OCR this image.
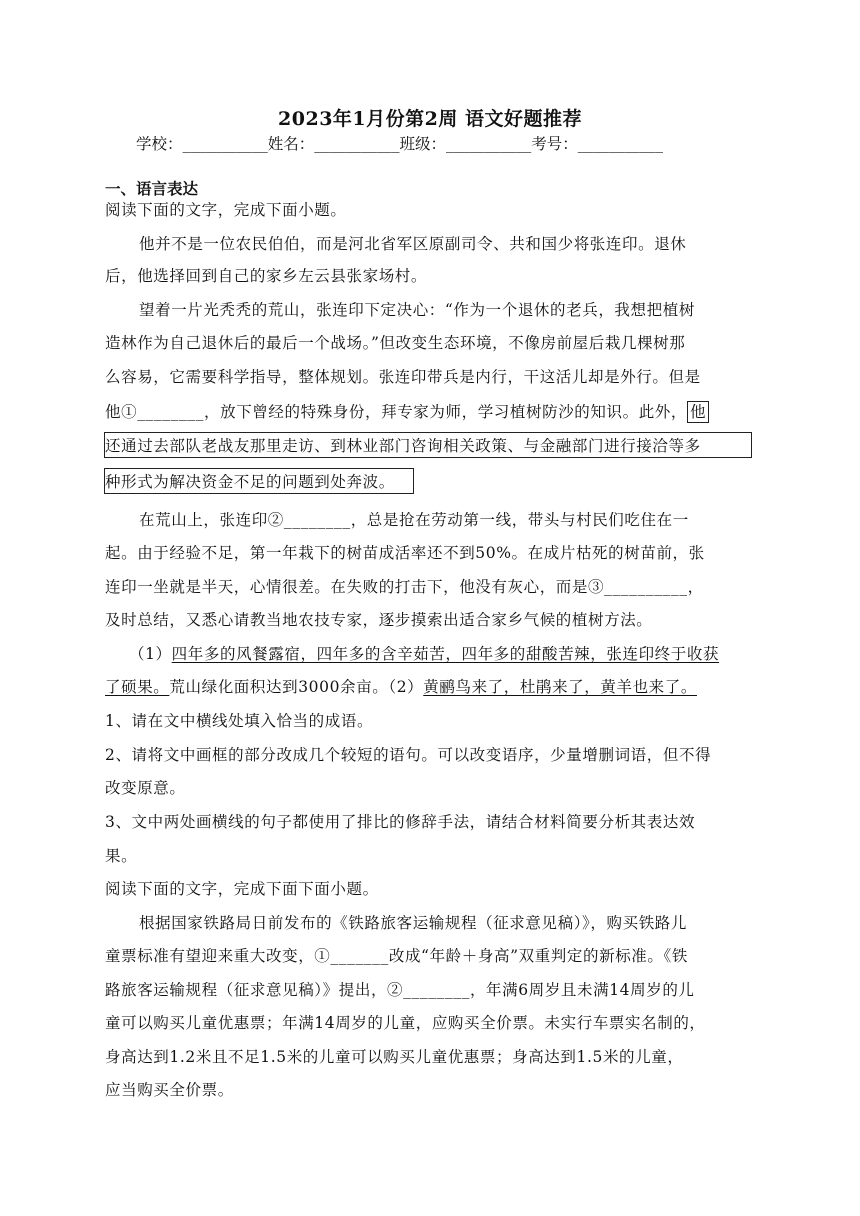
2023年1月份第2周 语文好题推荐
学校：___________姓名：___________班级：___________考号：___________
一、语言表达
阅读下面的文字，完成下面小题。
他并不是一位农民伯伯，而是河北省军区原副司令、共和国少将张连印。退休
后，他选择回到自己的家乡左云县张家场村。
望着一片光秃秃的荒山，张连印下定决心：“作为一个退休的老兵，我想把植树
造林作为自己退休后的最后一个战场。”但改变生态环境，不像房前屋后栽几棵树那
么容易，它需要科学指导，整体规划。张连印带兵是内行，干这活儿却是外行。但是
他①________，放下曾经的特殊身份，拜专家为师，学习植树防沙的知识。此外， 他
还通过去部队老战友那里走访、到林业部门咨询相关政策、与金融部门进行接洽等多
种形式为解决资金不足的问题到处奔波。
在荒山上，张连印②________，总是抢在劳动第一线，带头与村民们吃住在一
起。由于经验不足，第一年栽下的树苗成活率还不到50%。在成片枯死的树苗前，张
连印一坐就是半天，心情很差。在失败的打击下，他没有灰心，而是③__________，
及时总结，又悉心请教当地农技专家，逐步摸索出适合家乡气候的植树方法。
（1）四年多的风餐露宿，四年多的含辛茹苦，四年多的甜酸苦辣，张连印终于收获
了硕果。荒山绿化面积达到3000余亩。（2）黄鹂鸟来了，杜鹃来了，黄羊也来了。
1、请在文中横线处填入恰当的成语。
2、请将文中画框的部分改成几个较短的语句。可以改变语序，少量增删词语，但不得
改变原意。
3、文中两处画横线的句子都使用了排比的修辞手法，请结合材料简要分析其表达效
果。
阅读下面的文字，完成下面下面小题。
根据国家铁路局日前发布的《铁路旅客运输规程（征求意见稿）》，购买铁路儿
童票标准有望迎来重大改变，①_______改成“年龄＋身高”双重判定的新标准。《铁
路旅客运输规程（征求意见稿）》提出，②________，年满6周岁且未满14周岁的儿
童可以购买儿童优惠票；年满14周岁的儿童，应购买全价票。未实行车票实名制的，
身高达到1.2米且不足1.5米的儿童可以购买儿童优惠票；身高达到1.5米的儿童，
应当购买全价票。
